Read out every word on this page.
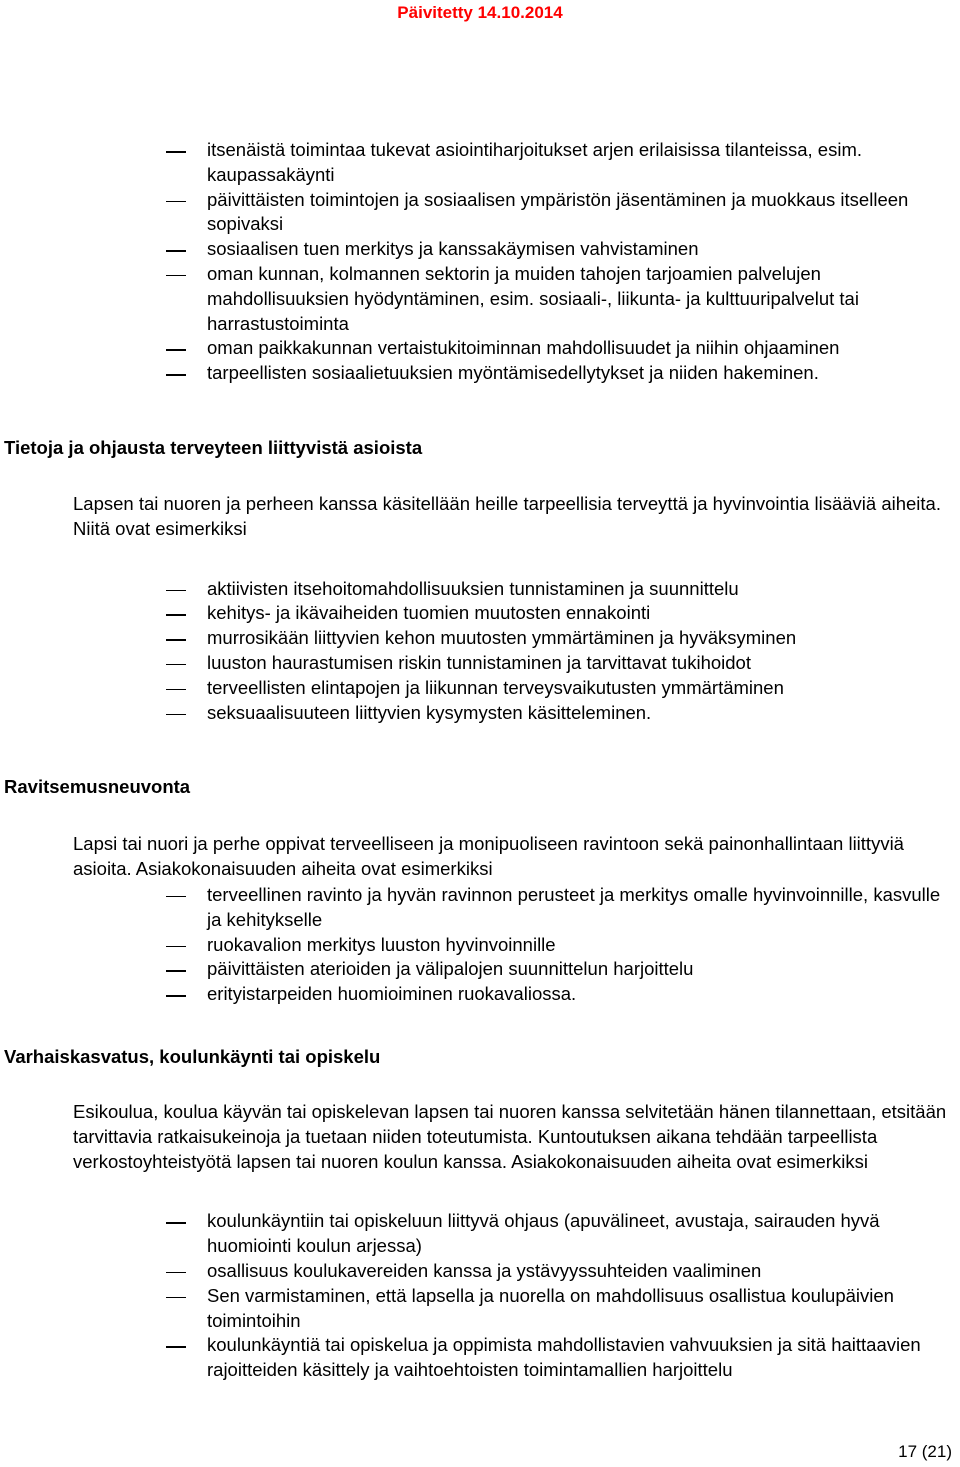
Päivitetty 14.10.2014
itsenäistä toimintaa tukevat asiointiharjoitukset arjen erilaisissa tilanteissa, esim. kaupassakäynti
päivittäisten toimintojen ja sosiaalisen ympäristön jäsentäminen ja muokkaus itselleen sopivaksi
sosiaalisen tuen merkitys ja kanssakäymisen vahvistaminen
oman kunnan, kolmannen sektorin ja muiden tahojen tarjoamien palvelujen mahdollisuuksien hyödyntäminen, esim. sosiaali-, liikunta- ja kulttuuripalvelut tai harrastustoiminta
oman paikkakunnan vertaistukitoiminnan mahdollisuudet ja niihin ohjaaminen
tarpeellisten sosiaalietuuksien myöntämisedellytykset ja niiden hakeminen.
Tietoja ja ohjausta terveyteen liittyvistä asioista

Lapsen tai nuoren ja perheen kanssa käsitellään heille tarpeellisia terveyttä ja hyvinvointia lisääviä aiheita. Niitä ovat esimerkiksi

aktiivisten itsehoitomahdollisuuksien tunnistaminen ja suunnittelu
kehitys- ja ikävaiheiden tuomien muutosten ennakointi
murrosikään liittyvien kehon muutosten ymmärtäminen ja hyväksyminen
luuston haurastumisen riskin tunnistaminen ja tarvittavat tukihoidot
terveellisten elintapojen ja liikunnan terveysvaikutusten ymmärtäminen
seksuaalisuuteen liittyvien kysymysten käsitteleminen.
Ravitsemusneuvonta

Lapsi tai nuori ja perhe oppivat terveelliseen ja monipuoliseen ravintoon sekä painonhallintaan liittyviä asioita. Asiakokonaisuuden aiheita ovat esimerkiksi

terveellinen ravinto ja hyvän ravinnon perusteet ja merkitys omalle hyvinvoinnille, kasvulle ja kehitykselle
ruokavalion merkitys luuston hyvinvoinnille
päivittäisten aterioiden ja välipalojen suunnittelun harjoittelu
erityistarpeiden huomioiminen ruokavaliossa.
Varhaiskasvatus, koulunkäynti tai opiskelu

Esikoulua, koulua käyvän tai opiskelevan lapsen tai nuoren kanssa selvitetään hänen tilannettaan, etsitään tarvittavia ratkaisukeinoja ja tuetaan niiden toteutumista. Kuntoutuksen aikana tehdään tarpeellista verkostoyhteistyötä lapsen tai nuoren koulun kanssa. Asiakokonaisuuden aiheita ovat esimerkiksi

koulunkäyntiin tai opiskeluun liittyvä ohjaus (apuvälineet, avustaja, sairauden hyvä huomiointi koulun arjessa)
osallisuus koulukavereiden kanssa ja ystävyyssuhteiden vaaliminen
Sen varmistaminen, että lapsella ja nuorella on mahdollisuus osallistua koulupäivien toimintoihin
koulunkäyntiä tai opiskelua ja oppimista mahdollistavien vahvuuksien ja sitä haittaavien rajoitteiden käsittely ja vaihtoehtoisten toimintamallien harjoittelu
17 (21)
